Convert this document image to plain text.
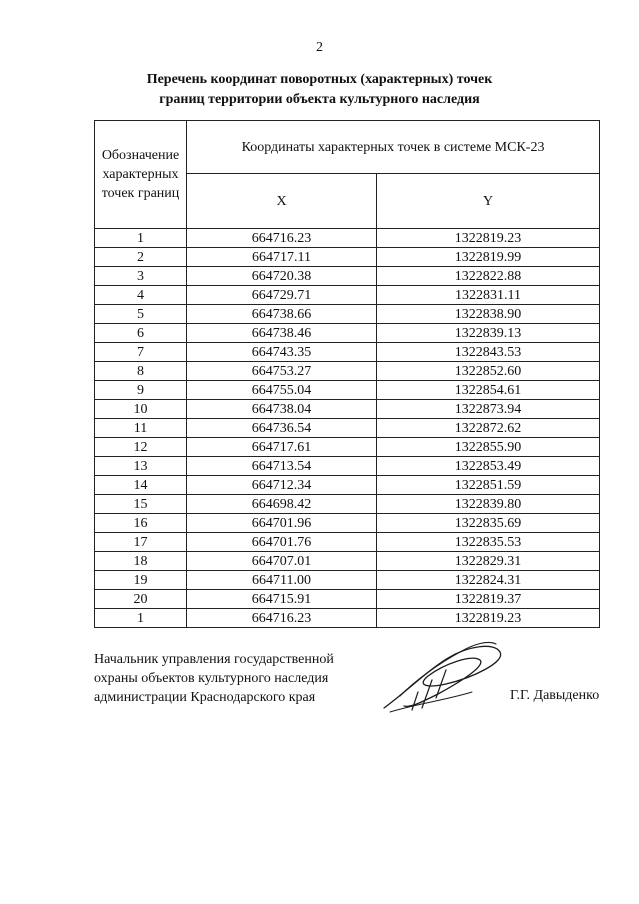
2
Перечень координат поворотных (характерных) точек
границ территории объекта культурного наследия
Обозначение характерных точек границ	Координаты характерных точек в системе МСК-23	
	X	Y
1	664716.23	1322819.23
2	664717.11	1322819.99
3	664720.38	1322822.88
4	664729.71	1322831.11
5	664738.66	1322838.90
6	664738.46	1322839.13
7	664743.35	1322843.53
8	664753.27	1322852.60
9	664755.04	1322854.61
10	664738.04	1322873.94
11	664736.54	1322872.62
12	664717.61	1322855.90
13	664713.54	1322853.49
14	664712.34	1322851.59
15	664698.42	1322839.80
16	664701.96	1322835.69
17	664701.76	1322835.53
18	664707.01	1322829.31
19	664711.00	1322824.31
20	664715.91	1322819.37
1	664716.23	1322819.23
Начальник управления государственной
охраны объектов культурного наследия
администрации Краснодарского края	Г.Г. Давыденко
